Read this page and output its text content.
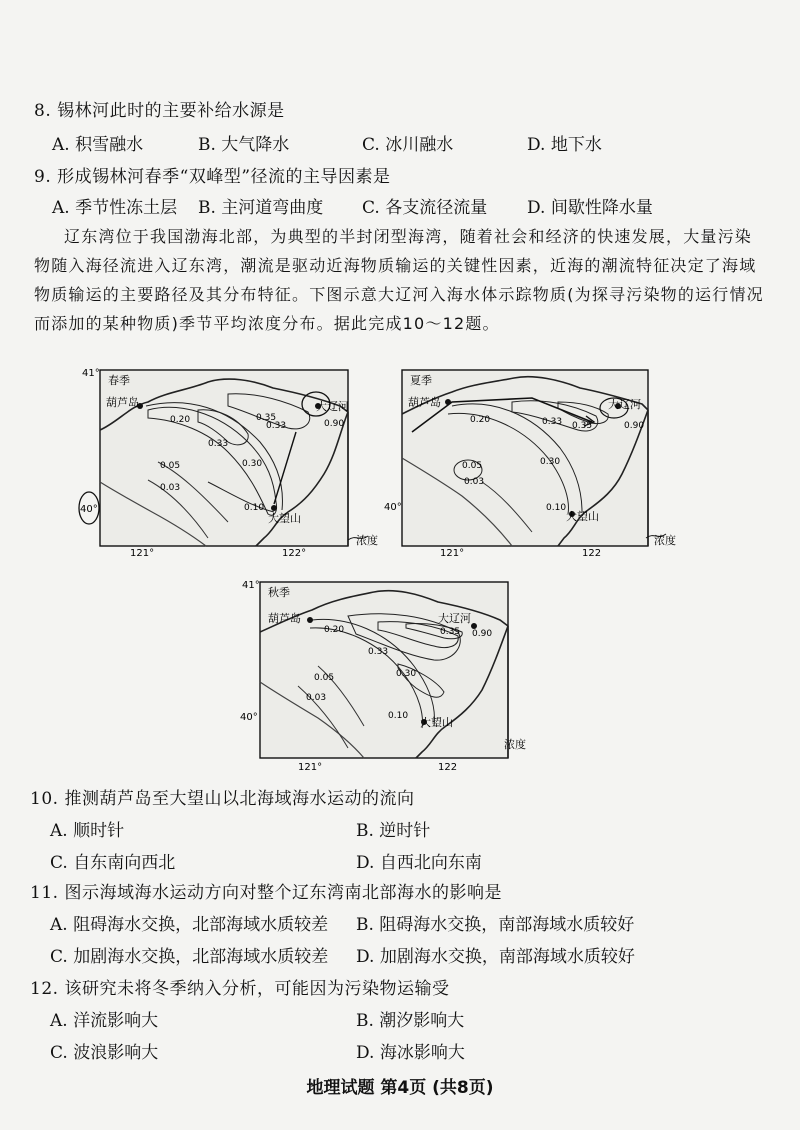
8. 锡林河此时的主要补给水源是
A. 积雪融水	B. 大气降水	C. 冰川融水	D. 地下水
9. 形成锡林河春季“双峰型”径流的主导因素是
A. 季节性冻土层 B. 主河道弯曲度 C. 各支流径流量 D. 间歇性降水量
辽东湾位于我国渤海北部，为典型的半封闭型海湾，随着社会和经济的快速发展，大量污染物随入海径流进入辽东湾，潮流是驱动近海物质输运的关键性因素，近海的潮流特征决定了海域物质输运的主要路径及其分布特征。下图示意大辽河入海水体示踪物质(为探寻污染物的运行情况而添加的某种物质)季节平均浓度分布。据此完成10～12题。
41°
40°
121°	122°
春季
葫芦岛	大辽河
大望山
0.90
0.35
0.33
0.30
0.20
0.10
0.05
0.03
0.33
浓度
40°
121°	122
夏季
葫芦岛	大辽河
大望山
0.90
0.35
0.33
0.30
0.20
0.10
0.05
0.03
浓度
41°
40°
121°	122
秋季
葫芦岛	大辽河
大望山
0.90
0.35
0.33
0.30
0.20
0.10
0.05
0.03
浓度
10. 推测葫芦岛至大望山以北海域海水运动的流向
A. 顺时针	B. 逆时针
C. 自东南向西北	D. 自西北向东南
11. 图示海域海水运动方向对整个辽东湾南北部海水的影响是
A. 阻碍海水交换，北部海域水质较差 B. 阻碍海水交换，南部海域水质较好
C. 加剧海水交换，北部海域水质较差 D. 加剧海水交换，南部海域水质较好
12. 该研究未将冬季纳入分析，可能因为污染物运输受
A. 洋流影响大	B. 潮汐影响大
C. 波浪影响大	D. 海冰影响大
地理试题 第4页 (共8页)
